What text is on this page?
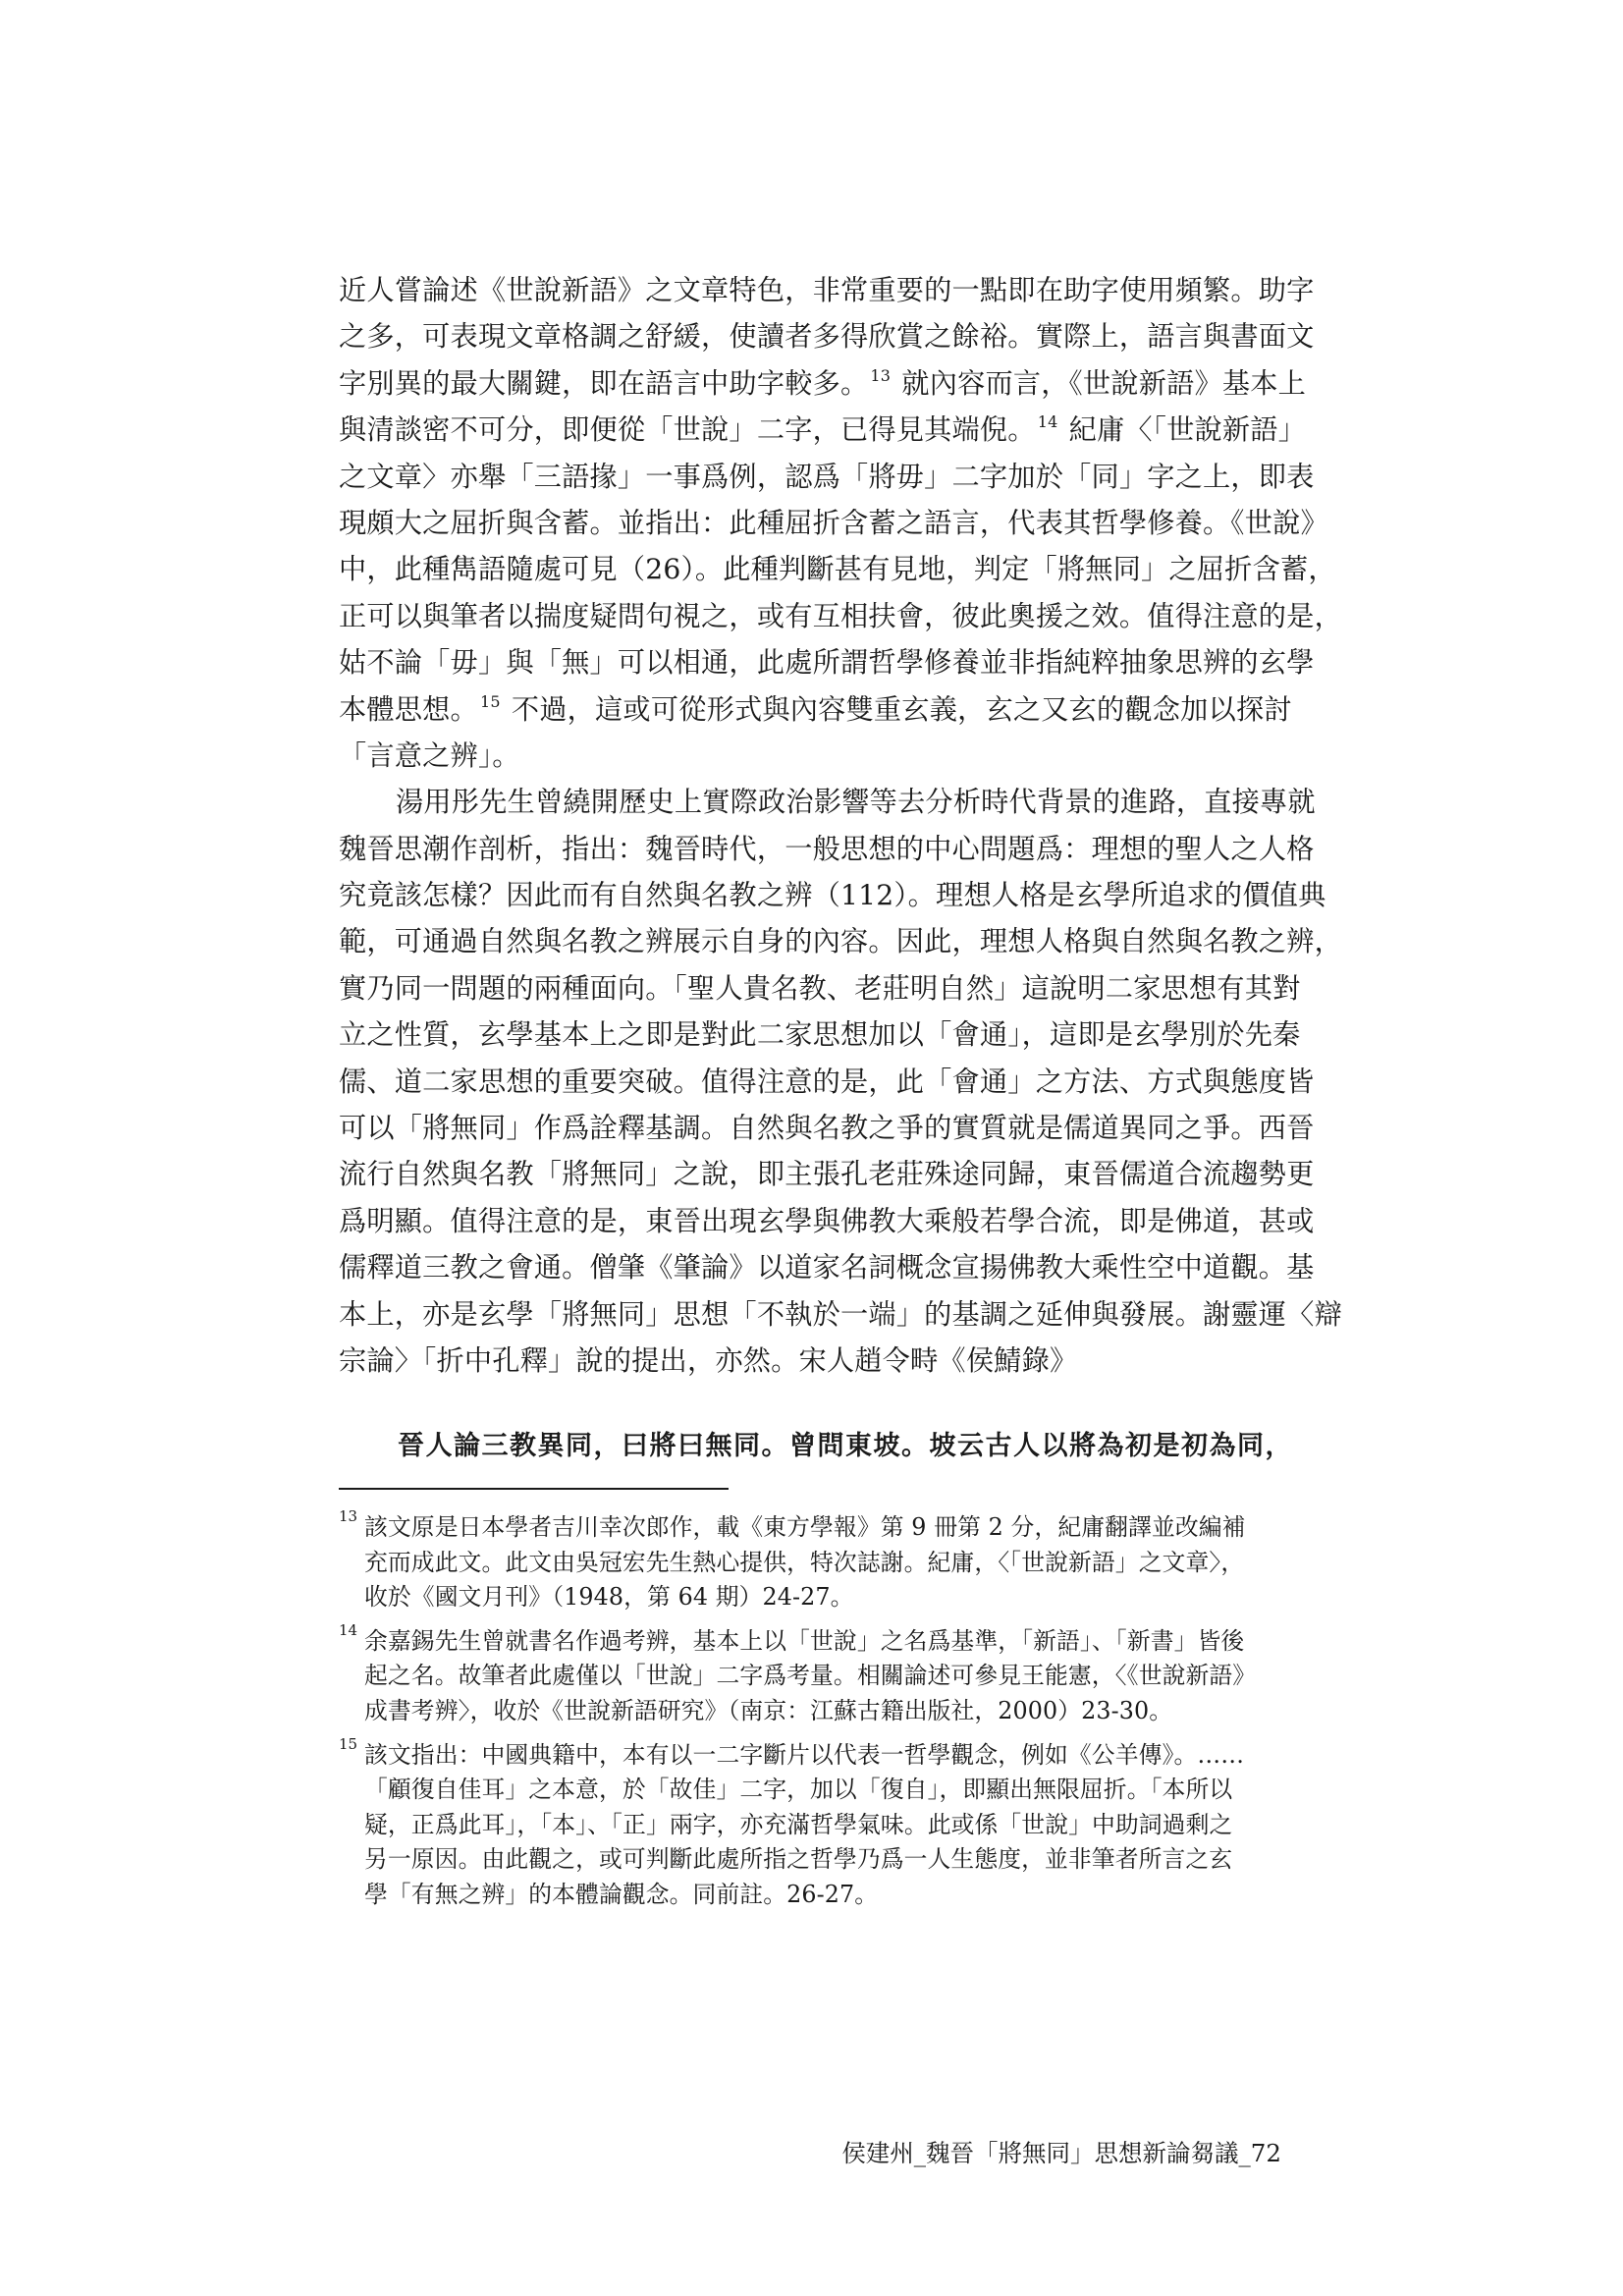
近人嘗論述《世說新語》之文章特色，非常重要的一點即在助字使用頻繁。助字
之多，可表現文章格調之舒緩，使讀者多得欣賞之餘裕。實際上，語言與書面文
字別異的最大關鍵，即在語言中助字較多。 $^{13}$ 就內容而言，《世說新語》基本上
與清談密不可分，即便從「世說」二字，已得見其端倪。 $^{14}$ 紀庸〈「世說新語」
之文章〉亦舉「三語掾」一事爲例，認爲「將毋」二字加於「同」字之上，即表
現頗大之屈折與含蓄。並指出：此種屈折含蓄之語言，代表其哲學修養。《世說》
中，此種雋語隨處可見（26）。此種判斷甚有見地，判定「將無同」之屈折含蓄，
正可以與筆者以揣度疑問句視之，或有互相扶會，彼此奧援之效。值得注意的是，
姑不論「毋」與「無」可以相通，此處所謂哲學修養並非指純粹抽象思辨的玄學
本體思想。 $^{15}$ 不過，這或可從形式與內容雙重玄義，玄之又玄的觀念加以探討
「言意之辨」。
湯用彤先生曾繞開歷史上實際政治影響等去分析時代背景的進路，直接專就
魏晉思潮作剖析，指出：魏晉時代，一般思想的中心問題爲：理想的聖人之人格
究竟該怎樣？因此而有自然與名教之辨（112）。理想人格是玄學所追求的價值典
範，可通過自然與名教之辨展示自身的內容。因此，理想人格與自然與名教之辨，
實乃同一問題的兩種面向。「聖人貴名教、老莊明自然」這說明二家思想有其對
立之性質，玄學基本上之即是對此二家思想加以「會通」，這即是玄學別於先秦
儒、道二家思想的重要突破。值得注意的是，此「會通」之方法、方式與態度皆
可以「將無同」作爲詮釋基調。自然與名教之爭的實質就是儒道異同之爭。西晉
流行自然與名教「將無同」之說，即主張孔老莊殊途同歸，東晉儒道合流趨勢更
爲明顯。值得注意的是，東晉出現玄學與佛教大乘般若學合流，即是佛道，甚或
儒釋道三教之會通。僧肇《肇論》以道家名詞概念宣揚佛教大乘性空中道觀。基
本上，亦是玄學「將無同」思想「不執於一端」的基調之延伸與發展。謝靈運〈辯
宗論〉「折中孔釋」說的提出，亦然。宋人趙令畤《侯鯖錄》
晉人論三教異同，曰將曰無同。曾問東坡。坡云古人以將為初是初為同，
13 該文原是日本學者吉川幸次郎作，載《東方學報》第 9 冊第 2 分，紀庸翻譯並改編補
充而成此文。此文由吳冠宏先生熱心提供，特次誌謝。紀庸，〈「世說新語」之文章〉，
收於《國文月刊》（1948，第 64 期）24-27。
14 余嘉錫先生曾就書名作過考辨，基本上以「世說」之名爲基準，「新語」、「新書」皆後
起之名。故筆者此處僅以「世說」二字爲考量。相關論述可參見王能憲，〈《世說新語》
成書考辨〉，收於《世說新語研究》（南京：江蘇古籍出版社，2000）23-30。
15 該文指出：中國典籍中，本有以一二字斷片以代表一哲學觀念，例如《公羊傳》。……
「顧復自佳耳」之本意，於「故佳」二字，加以「復自」，即顯出無限屈折。「本所以
疑，正爲此耳」，「本」、「正」兩字，亦充滿哲學氣味。此或係「世說」中助詞過剩之
另一原因。由此觀之，或可判斷此處所指之哲學乃爲一人生態度，並非筆者所言之玄
學「有無之辨」的本體論觀念。同前註。26-27。
侯建州_魏晉「將無同」思想新論芻議_72
